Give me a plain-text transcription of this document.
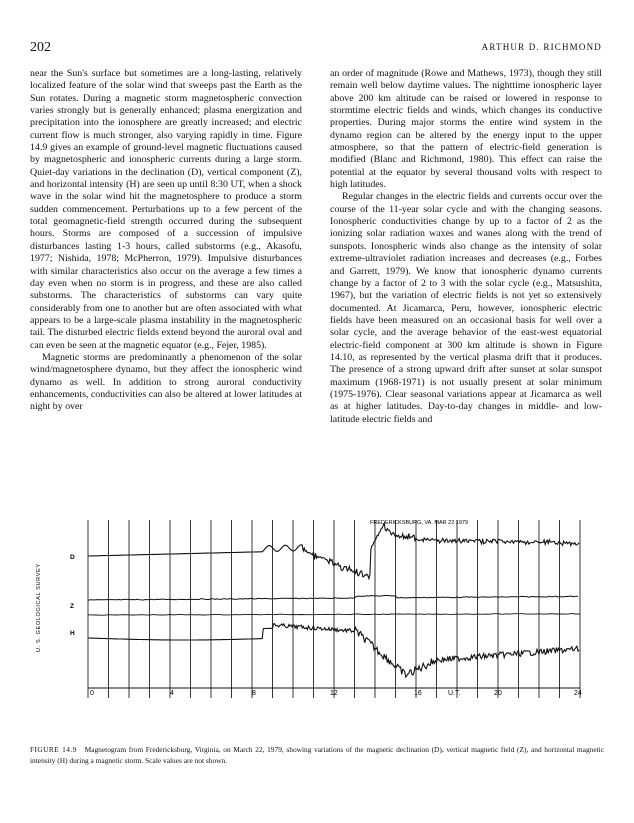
202	ARTHUR D. RICHMOND

near the Sun's surface but sometimes are a long-lasting, relatively localized feature of the solar wind that sweeps past the Earth as the Sun rotates. During a magnetic storm magnetospheric convection varies strongly but is generally enhanced; plasma energization and precipitation into the ionosphere are greatly increased; and electric current flow is much stronger, also varying rapidly in time. Figure 14.9 gives an example of ground-level magnetic fluctuations caused by magnetospheric and ionospheric currents during a large storm. Quiet-day variations in the declination (D), vertical component (Z), and horizontal intensity (H) are seen up until 8:30 UT, when a shock wave in the solar wind hit the magnetosphere to produce a storm sudden commencement. Perturbations up to a few percent of the total geomagnetic-field strength occurred during the subsequent hours. Storms are composed of a succession of impulsive disturbances lasting 1-3 hours, called substorms (e.g., Akasofu, 1977; Nishida, 1978; McPherron, 1979). Impulsive disturbances with similar characteristics also occur on the average a few times a day even when no storm is in progress, and these are also called substorms. The characteristics of substorms can vary quite considerably from one to another but are often associated with what appears to be a large-scale plasma instability in the magnetospheric tail. The disturbed electric fields extend beyond the auroral oval and can even be seen at the magnetic equator (e.g., Fejer, 1985).

Magnetic storms are predominantly a phenomenon of the solar wind/magnetosphere dynamo, but they affect the ionospheric wind dynamo as well. In addition to strong auroral conductivity enhancements, conductivities can also be altered at lower latitudes at night by over

an order of magnitude (Rowe and Mathews, 1973), though they still remain well below daytime values. The nighttime ionospheric layer above 200 km altitude can be raised or lowered in response to stormtime electric fields and winds, which changes its conductive properties. During major storms the entire wind system in the dynamo region can be altered by the energy input to the upper atmosphere, so that the pattern of electric-field generation is modified (Blanc and Richmond, 1980). This effect can raise the potential at the equator by several thousand volts with respect to high latitudes.

Regular changes in the electric fields and currents occur over the course of the 11-year solar cycle and with the changing seasons. Ionospheric conductivities change by up to a factor of 2 as the ionizing solar radiation waxes and wanes along with the trend of sunspots. Ionospheric winds also change as the intensity of solar extreme-ultraviolet radiation increases and decreases (e.g., Forbes and Garrett, 1979). We know that ionospheric dynamo currents change by a factor of 2 to 3 with the solar cycle (e.g., Matsushita, 1967), but the variation of electric fields is not yet so extensively documented. At Jicamarca, Peru, however, ionospheric electric fields have been measured on an occasional basis for well over a solar cycle, and the average behavior of the east-west equatorial electric-field component at 300 km altitude is shown in Figure 14.10, as represented by the vertical plasma drift that it produces. The presence of a strong upward drift after sunset at solar sunspot maximum (1968-1971) is not usually present at solar minimum (1975-1976). Clear seasonal variations appear at Jicamarca as well as at higher latitudes. Day-to-day changes in middle- and low-latitude electric fields and

FREDERICKSBURG, VA. MAR 22 1979
U. S. GEOLOGICAL SURVEY
D
Z
H
0	4	8	12	16	U.T.	20	24
FIGURE 14.9 Magnetogram from Fredericksburg, Virginia, on March 22, 1979, showing variations of the magnetic declination (D), vertical magnetic field (Z), and horizontal magnetic intensity (H) during a magnetic storm. Scale values are not shown.
